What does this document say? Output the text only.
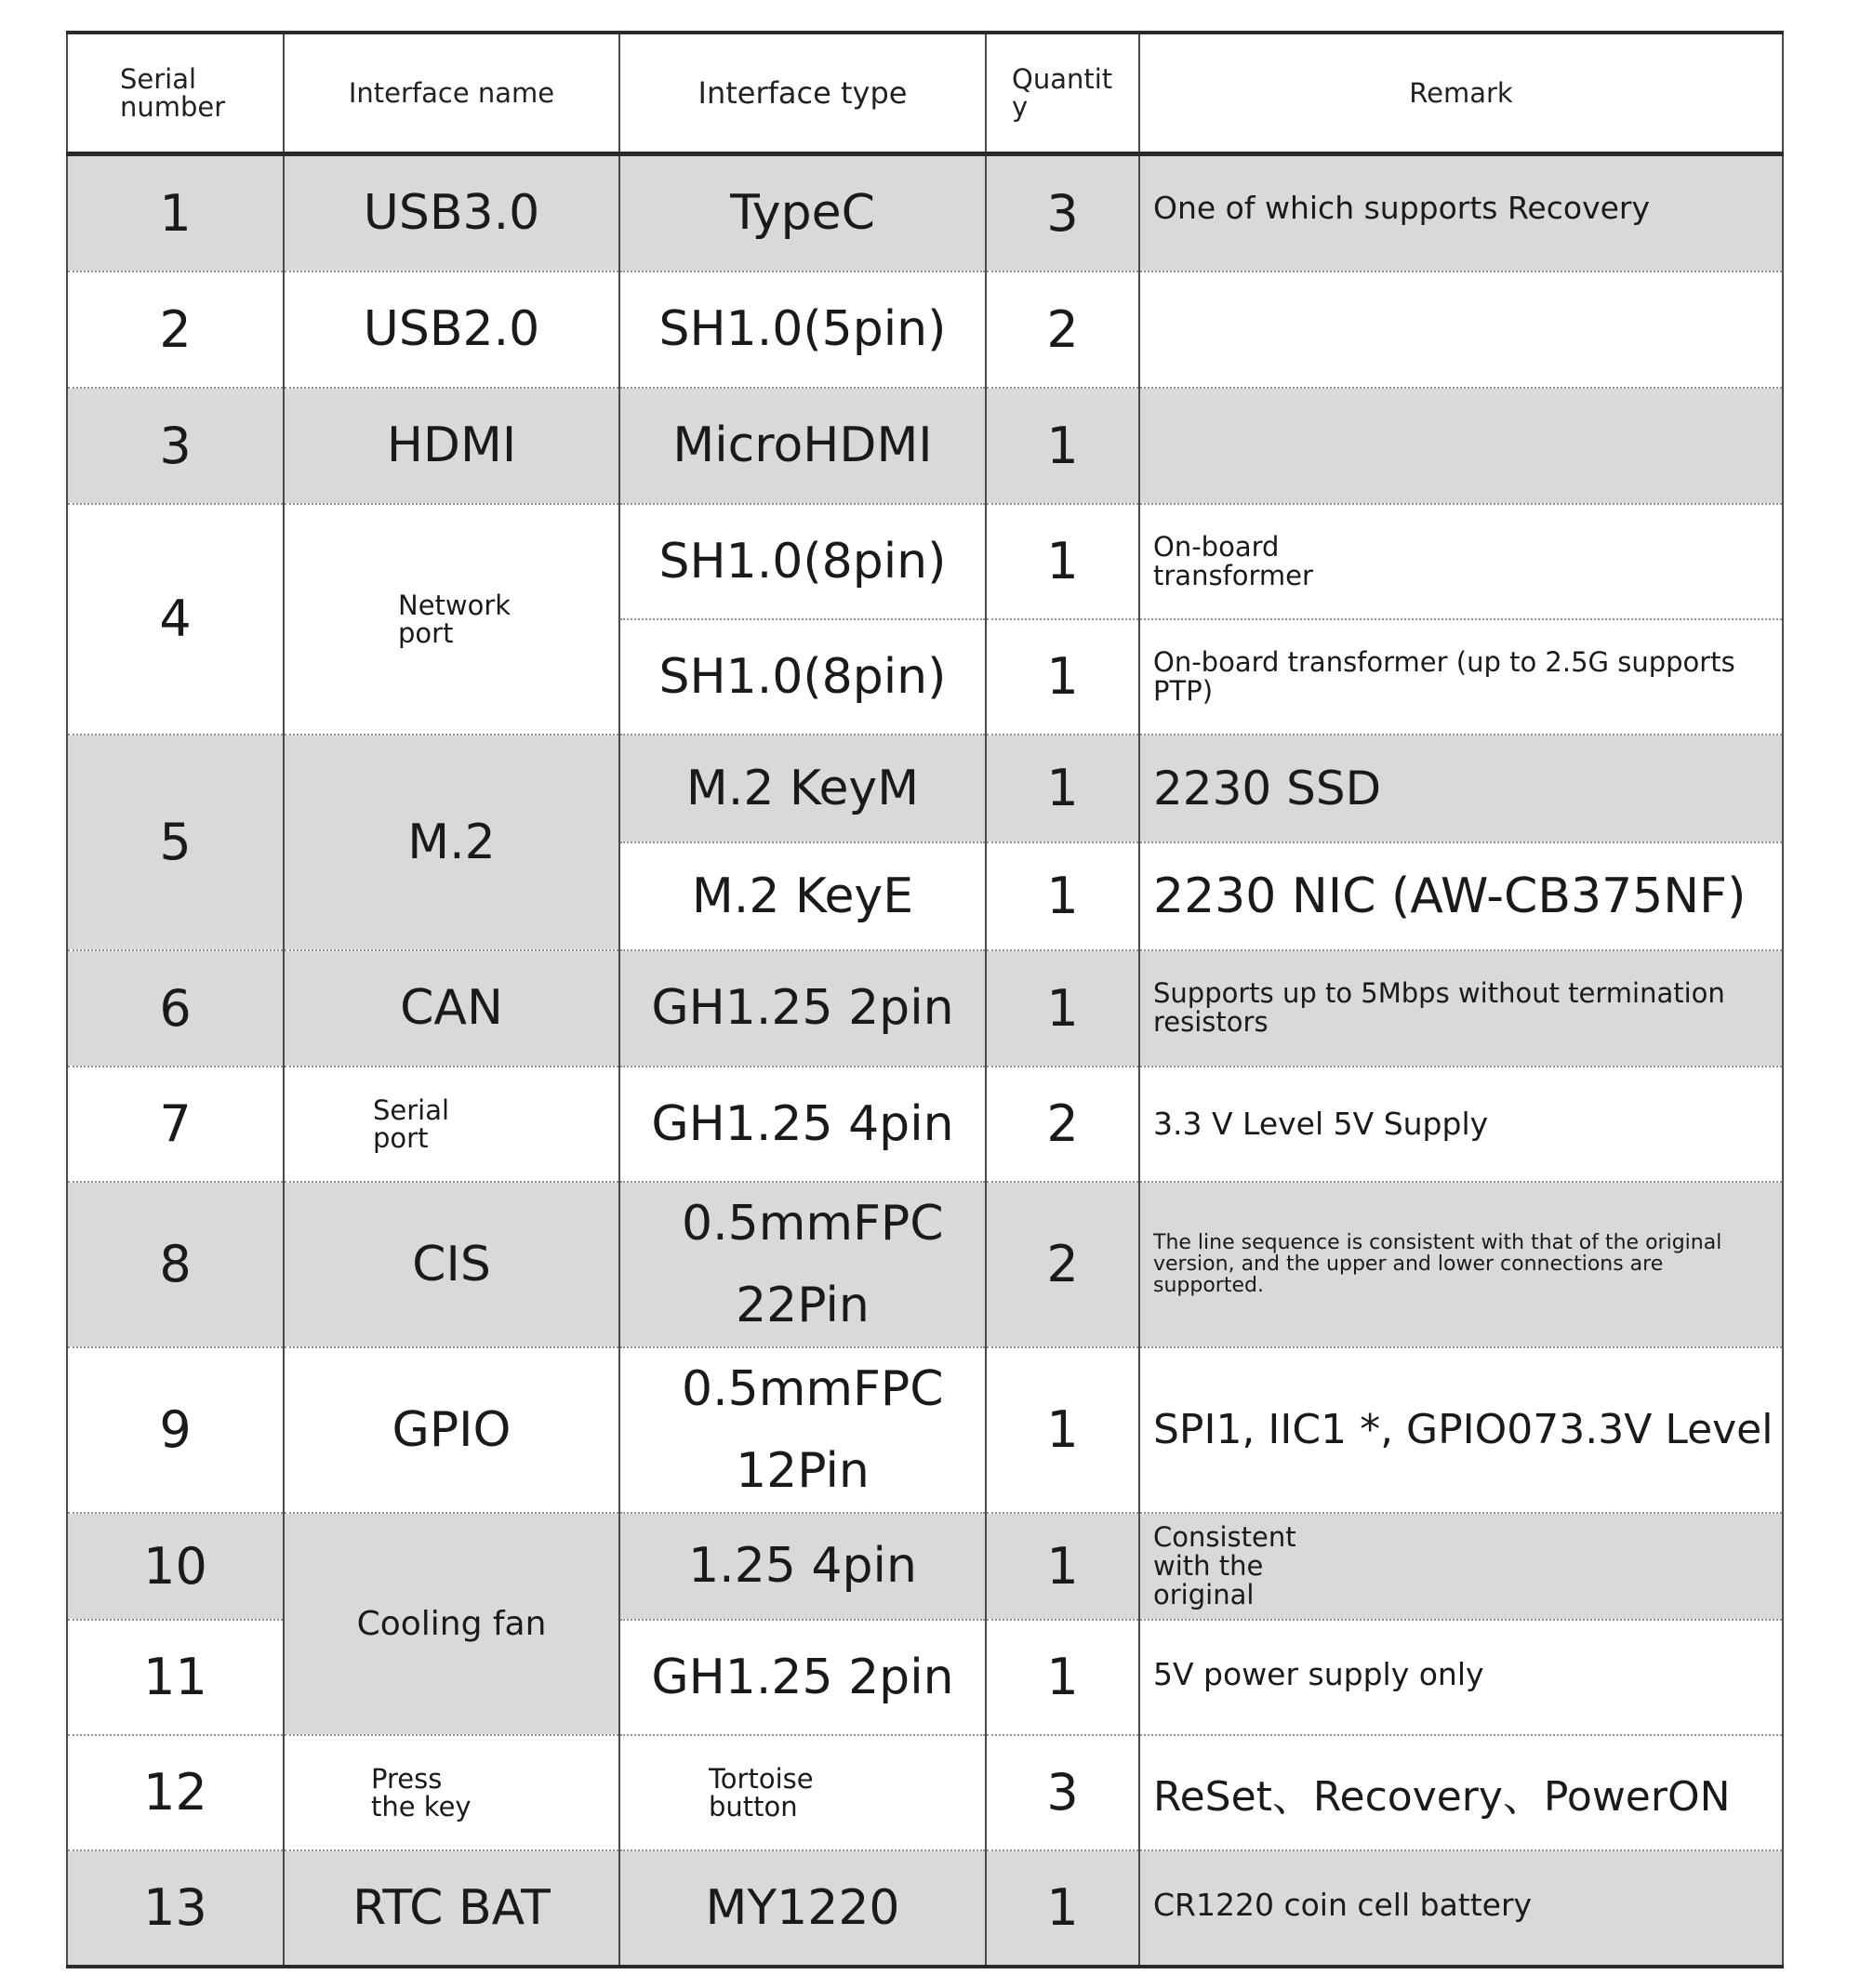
Serial number	Interface name	Interface type	Quantit y	Remark
1	USB3.0	TypeC	3	One of which supports Recovery
2	USB2.0	SH1.0(5pin)	2	
3	HDMI	MicroHDMI	1	
4	Network port	SH1.0(8pin)	1	On-board transformer
		SH1.0(8pin)	1	On-board transformer (up to 2.5G supports PTP)
5	M.2	M.2 KeyM	1	2230 SSD
		M.2 KeyE	1	2230 NIC (AW-CB375NF)
6	CAN	GH1.25 2pin	1	Supports up to 5Mbps without termination resistors
7	Serial port	GH1.25 4pin	2	3.3 V Level 5V Supply
8	CIS	0.5mmFPC 22Pin	2	The line sequence is consistent with that of the original version, and the upper and lower connections are supported.
9	GPIO	0.5mmFPC 12Pin	1	SPI1, IIC1 *, GPIO073.3V Level
10	Cooling fan	1.25 4pin	1	Consistent with the original
11		GH1.25 2pin	1	5V power supply only
12	Press the key	Tortoise button	3	ReSet、Recovery、PowerON
13	RTC BAT	MY1220	1	CR1220 coin cell battery
